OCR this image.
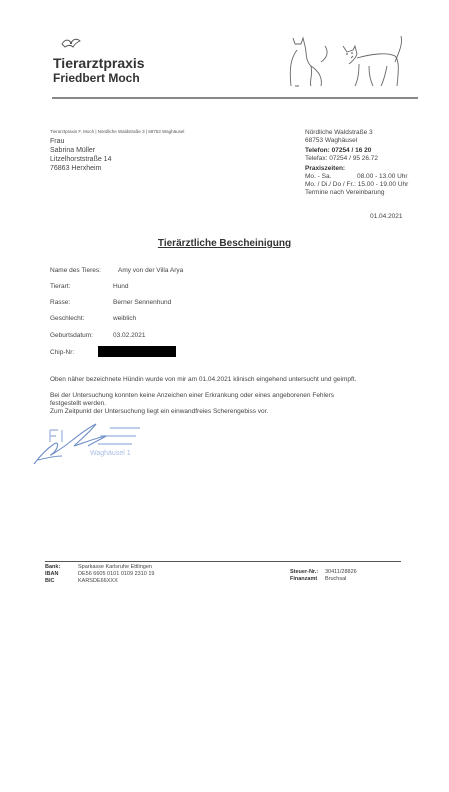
Tierarztpraxis
Friedbert Moch
Tierarztpraxis F. Moch | Nördliche Waldstraße 3 | 68753 Waghäusel
Frau
Sabrina Müller
Litzelhorststraße 14
76863 Herxheim
Nördliche Waldstraße 3
68753 Waghäusel
Telefon: 07254 / 16 20
Telefax: 07254 / 95 26.72
Praxiszeiten:
Mo. - Sa.	08.00 - 13.00 Uhr
Mo. / Di./ Do / Fr.: 15.00 - 19.00 Uhr
Termine nach Vereinbarung
01.04.2021
Tierärztliche Bescheinigung
Name des Tieres:	Amy von der Villa Arya
Tierart:	Hund
Rasse:	Berner Sennenhund
Geschlecht:	weiblich
Geburtsdatum:	03.02.2021
Chip-Nr:
Oben näher bezeichnete Hündin wurde von mir am 01.04.2021 klinisch eingehend untersucht und geimpft.
Bei der Untersuchung konnten keine Anzeichen einer Erkrankung oder eines angeborenen Fehlers
festgestellt werden.
Zum Zeitpunkt der Untersuchung liegt ein einwandfreies Scherengebiss vor.
Waghäusel 1
Bank:	Sparkasse Karlsruhe Ettlingen
IBAN	DE56 6605 0101 0109 2310 19
BIC	KARSDE66XXX
Steuer-Nr.: 30411/28826
Finanzamt Bruchsal
